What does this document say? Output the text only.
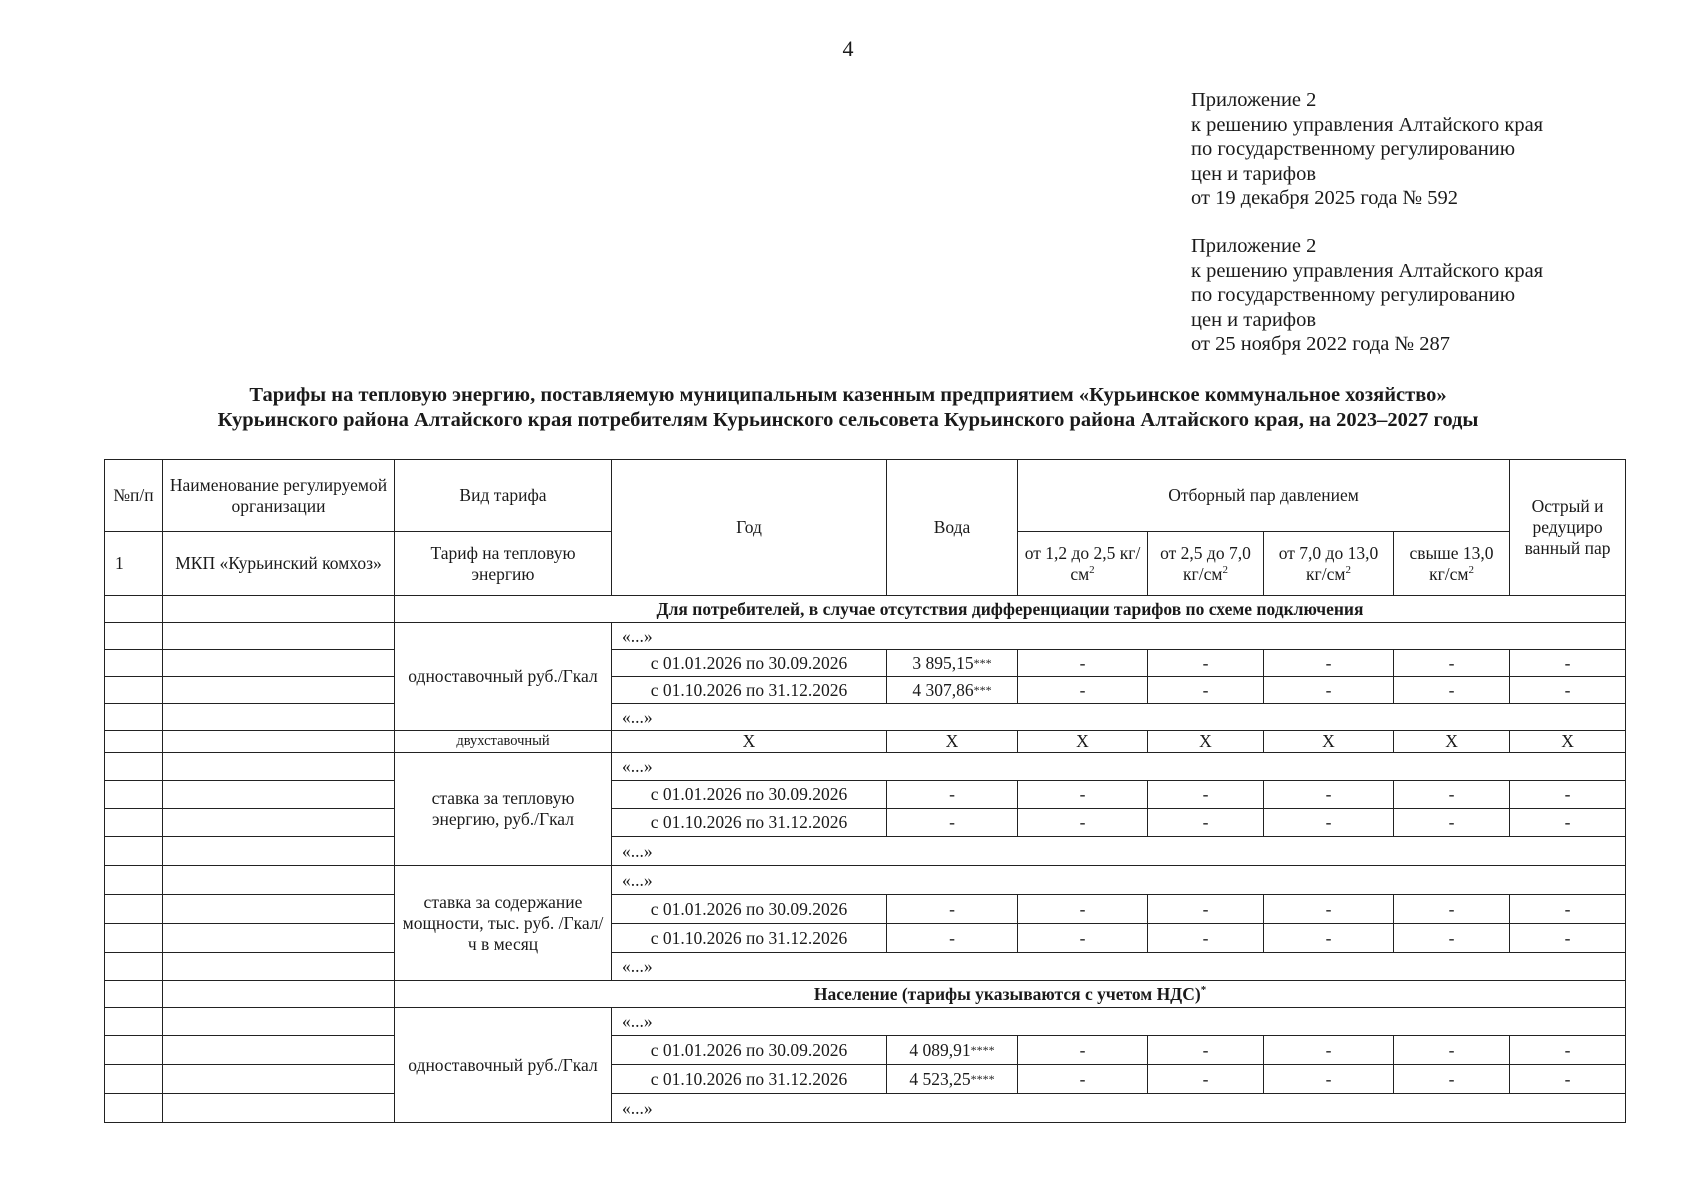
4
Приложение 2
к решению управления Алтайского края
по государственному регулированию
цен и тарифов
от 19 декабря 2025 года № 592
Приложение 2
к решению управления Алтайского края
по государственному регулированию
цен и тарифов
от 25 ноября 2022 года № 287
Тарифы на тепловую энергию, поставляемую муниципальным казенным предприятием «Курьинское коммунальное хозяйство»
Курьинского района Алтайского края потребителям Курьинского сельсовета Курьинского района Алтайского края, на 2023–2027 годы
№п/п	Наименование регулируемой организации	Вид тарифа	Год	Вода	Отборный пар давлением				Острый и редуциро ванный пар
1	МКП «Курьинский комхоз»	Тариф на тепловую энергию			от 1,2 до 2,5 $кг/см^2$	от 2,5 до 7,0 $кг/см^2$	от 7,0 до 13,0 $кг/см^2$	свыше 13,0 $кг/см^2$
		Для потребителей, в случае отсутствия дифференциации тарифов по схеме подключения							
		одноставочный руб./Гкал	«...»						
			с 01.01.2026 по 30.09.2026	3 895,15***	-	-	-	-	-
			с 01.10.2026 по 31.12.2026	4 307,86***	-	-	-	-	-
			«...»						
		двухставочный	X	X	X	X	X	X	X
		ставка за тепловую энергию, руб./Гкал	«...»						
			с 01.01.2026 по 30.09.2026	-	-	-	-	-	-
			с 01.10.2026 по 31.12.2026	-	-	-	-	-	-
			«...»						
		ставка за содержание мощности, тыс. руб. /Гкал/ч в месяц	«...»						
			с 01.01.2026 по 30.09.2026	-	-	-	-	-	-
			с 01.10.2026 по 31.12.2026	-	-	-	-	-	-
			«...»						
		Население (тарифы указываются с учетом НДС)*
		одноставочный руб./Гкал	«...»						
			с 01.01.2026 по 30.09.2026	4 089,91****	-	-	-	-	-
			с 01.10.2026 по 31.12.2026	4 523,25****	-	-	-	-	-
			«...»						
